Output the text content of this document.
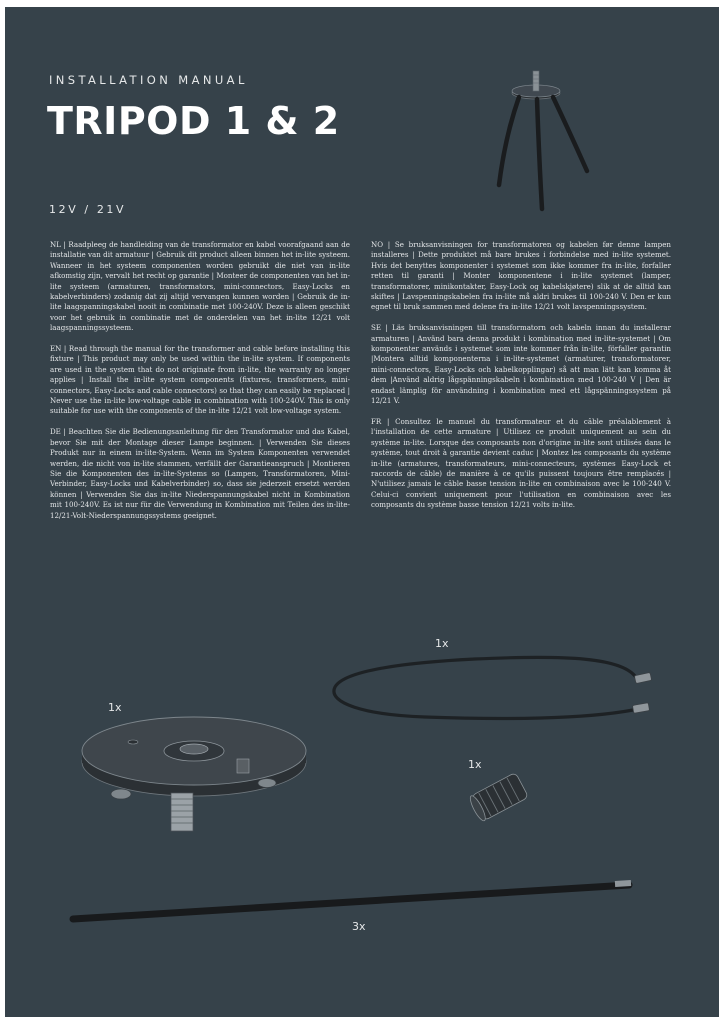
INSTALLATION MANUAL
TRIPOD 1 & 2
12V / 21V

NL | Raadpleeg de handleiding van de transformator en kabel voorafgaand aan de installatie van dit armatuur | Gebruik dit product alleen binnen het in-lite systeem. Wanneer in het systeem componenten worden gebruikt die niet van in-lite afkomstig zijn, vervalt het recht op garantie | Monteer de componenten van het in-lite systeem (armaturen, transformators, mini-connectors, Easy-Locks en kabelverbinders) zodanig dat zij altijd vervangen kunnen worden | Gebruik de in-lite laagspanningskabel nooit in combinatie met 100-240V. Deze is alleen geschikt voor het gebruik in combinatie met de onderdelen van het in-lite 12/21 volt laagspanningssysteem.

EN | Read through the manual for the transformer and cable before installing this fixture | This product may only be used within the in-lite system. If components are used in the system that do not originate from in-lite, the warranty no longer applies | Install the in-lite system components (fixtures, transformers, mini-connectors, Easy-Locks and cable connectors) so that they can easily be replaced | Never use the in-lite low-voltage cable in combination with 100-240V. This is only suitable for use with the components of the in-lite 12/21 volt low-voltage system.

DE | Beachten Sie die Bedienungsanleitung für den Transformator und das Kabel, bevor Sie mit der Montage dieser Lampe beginnen. | Verwenden Sie dieses Produkt nur in einem in-lite-System. Wenn im System Komponenten verwendet werden, die nicht von in-lite stammen, verfällt der Garantieanspruch | Montieren Sie die Komponenten des in-lite-Systems so (Lampen, Transformatoren, Mini-Verbinder, Easy-Locks und Kabelverbinder) so, dass sie jederzeit ersetzt werden können | Verwenden Sie das in-lite Niederspannungskabel nicht in Kombination mit 100-240V. Es ist nur für die Verwendung in Kombination mit Teilen des in-lite-12/21-Volt-Niederspannungssystems geeignet.

NO | Se bruksanvisningen for transformatoren og kabelen før denne lampen installeres | Dette produktet må bare brukes i forbindelse med in-lite systemet. Hvis det benyttes komponenter i systemet som ikke kommer fra in-lite, forfaller retten til garanti | Monter komponentene i in-lite systemet (lamper, transformatorer, minikontakter, Easy-Lock og kabelskjøtere) slik at de alltid kan skiftes | Lavspenningskabelen fra in-lite må aldri brukes til 100-240 V. Den er kun egnet til bruk sammen med delene fra in-lite 12/21 volt lavspenningssystem.

SE | Läs bruksanvisningen till transformatorn och kabeln innan du installerar armaturen | Använd bara denna produkt i kombination med in-lite-systemet | Om komponenter används i systemet som inte kommer från in-lite, förfaller garantin |Montera alltid komponenterna i in-lite-systemet (armaturer, transformatorer, mini-connectors, Easy-Locks och kabelkopplingar) så att man lätt kan komma åt dem |Använd aldrig lågspänningskabeln i kombination med 100-240 V | Den är endast lämplig för användning i kombination med ett lågspänningssystem på 12/21 V.

FR | Consultez le manuel du transformateur et du câble préalablement à l'installation de cette armature | Utilisez ce produit uniquement au sein du système in-lite. Lorsque des composants non d'origine in-lite sont utilisés dans le système, tout droit à garantie devient caduc | Montez les composants du système in-lite (armatures, transformateurs, mini-connecteurs, systèmes Easy-Lock et raccords de câble) de manière à ce qu'ils puissent toujours être remplacés | N'utilisez jamais le câble basse tension in-lite en combinaison avec le 100-240 V. Celui-ci convient uniquement pour l'utilisation en combinaison avec les composants du système basse tension 12/21 volts in-lite.

1x
1x
1x
3x
